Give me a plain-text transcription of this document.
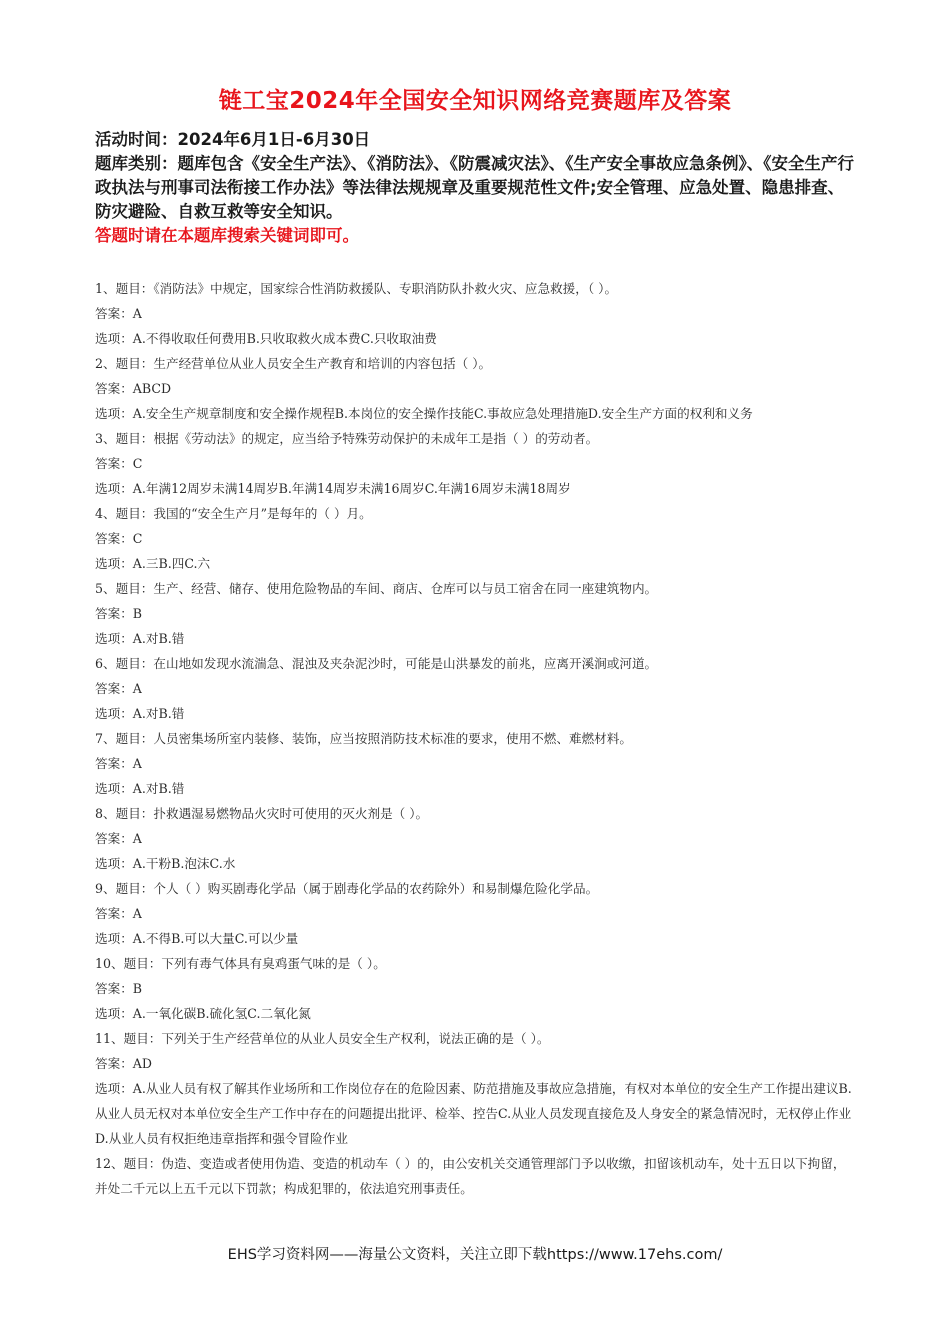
链工宝2024年全国安全知识网络竞赛题库及答案

活动时间：2024年6月1日-6月30日

题库类别：题库包含《安全生产法》、《消防法》、《防震减灾法》、《生产安全事故应急条例》、《安全生产行政执法与刑事司法衔接工作办法》等法律法规规章及重要规范性文件;安全管理、应急处置、隐患排查、防灾避险、自救互救等安全知识。

答题时请在本题库搜索关键词即可。

1、题目：《消防法》中规定，国家综合性消防救援队、专职消防队扑救火灾、应急救援，（ ）。

答案：A

选项：A.不得收取任何费用B.只收取救火成本费C.只收取油费

2、题目：生产经营单位从业人员安全生产教育和培训的内容包括（ ）。

答案：ABCD

选项：A.安全生产规章制度和安全操作规程B.本岗位的安全操作技能C.事故应急处理措施D.安全生产方面的权利和义务

3、题目：根据《劳动法》的规定，应当给予特殊劳动保护的未成年工是指（ ）的劳动者。

答案：C

选项：A.年满12周岁未满14周岁B.年满14周岁未满16周岁C.年满16周岁未满18周岁

4、题目：我国的“安全生产月”是每年的（ ）月。

答案：C

选项：A.三B.四C.六

5、题目：生产、经营、储存、使用危险物品的车间、商店、仓库可以与员工宿舍在同一座建筑物内。

答案：B

选项：A.对B.错

6、题目：在山地如发现水流湍急、混浊及夹杂泥沙时，可能是山洪暴发的前兆，应离开溪涧或河道。

答案：A

选项：A.对B.错

7、题目：人员密集场所室内装修、装饰，应当按照消防技术标准的要求，使用不燃、难燃材料。

答案：A

选项：A.对B.错

8、题目：扑救遇湿易燃物品火灾时可使用的灭火剂是（ ）。

答案：A

选项：A.干粉B.泡沫C.水

9、题目：个人（ ）购买剧毒化学品（属于剧毒化学品的农药除外）和易制爆危险化学品。

答案：A

选项：A.不得B.可以大量C.可以少量

10、题目：下列有毒气体具有臭鸡蛋气味的是（ ）。

答案：B

选项：A.一氧化碳B.硫化氢C.二氧化氮

11、题目：下列关于生产经营单位的从业人员安全生产权利，说法正确的是（ ）。

答案：AD

选项：A.从业人员有权了解其作业场所和工作岗位存在的危险因素、防范措施及事故应急措施，有权对本单位的安全生产工作提出建议B.从业人员无权对本单位安全生产工作中存在的问题提出批评、检举、控告C.从业人员发现直接危及人身安全的紧急情况时，无权停止作业D.从业人员有权拒绝违章指挥和强令冒险作业

12、题目：伪造、变造或者使用伪造、变造的机动车（ ）的，由公安机关交通管理部门予以收缴，扣留该机动车，处十五日以下拘留，并处二千元以上五千元以下罚款；构成犯罪的，依法追究刑事责任。

EHS学习资料网——海量公文资料，关注立即下载https://www.17ehs.com/
